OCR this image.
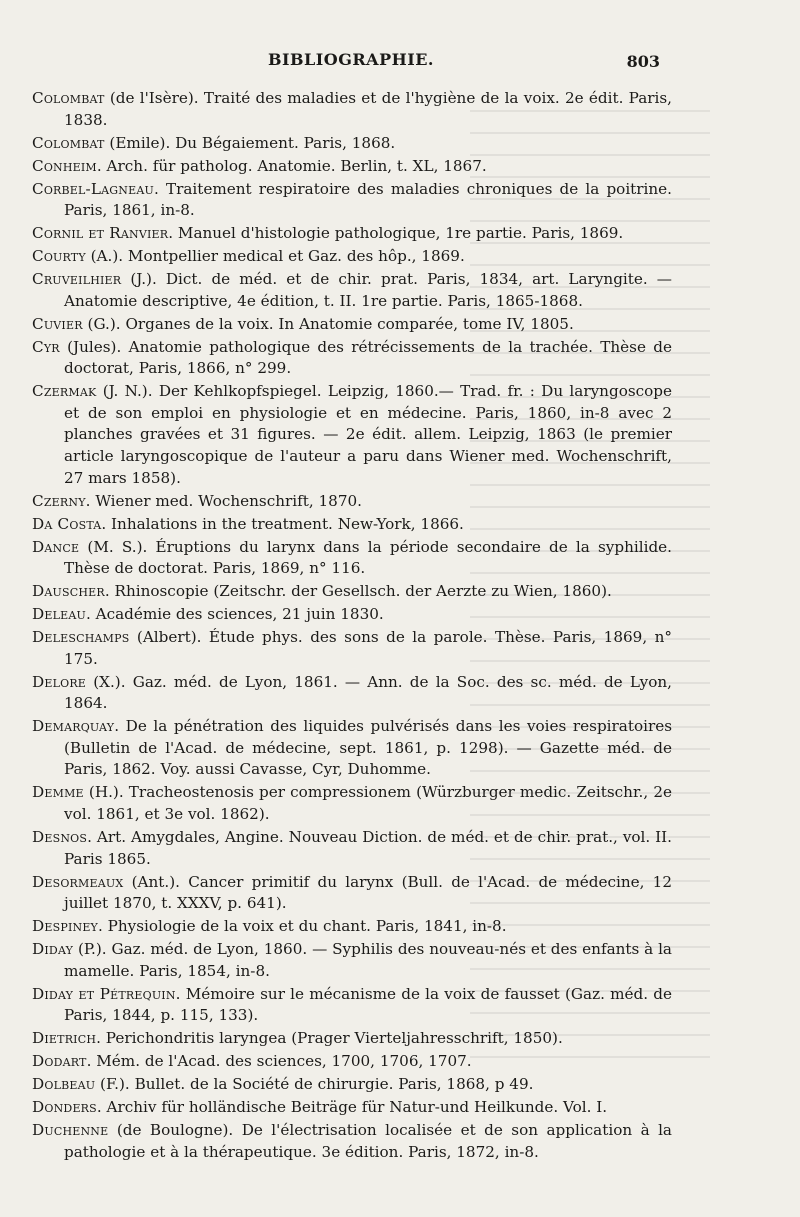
BIBLIOGRAPHIE.	803

Colombat (de l'Isère). Traité des maladies et de l'hygiène de la voix. 2e édit. Paris, 1838.

Colombat (Emile). Du Bégaiement. Paris, 1868.

Conheim. Arch. für patholog. Anatomie. Berlin, t. XL, 1867.

Corbel-Lagneau. Traitement respiratoire des maladies chroniques de la poitrine. Paris, 1861, in-8.

Cornil et Ranvier. Manuel d'histologie pathologique, 1re partie. Paris, 1869.

Courty (A.). Montpellier medical et Gaz. des hôp., 1869.

Cruveilhier (J.). Dict. de méd. et de chir. prat. Paris, 1834, art. Laryngite. — Anatomie descriptive, 4e édition, t. II. 1re partie. Paris, 1865-1868.

Cuvier (G.). Organes de la voix. In Anatomie comparée, tome IV, 1805.

Cyr (Jules). Anatomie pathologique des rétrécissements de la trachée. Thèse de doctorat, Paris, 1866, n° 299.

Czermak (J. N.). Der Kehlkopfspiegel. Leipzig, 1860.— Trad. fr. : Du laryngoscope et de son emploi en physiologie et en médecine. Paris, 1860, in-8 avec 2 planches gravées et 31 figures. — 2e édit. allem. Leipzig, 1863 (le premier article laryngoscopique de l'auteur a paru dans Wiener med. Wochenschrift, 27 mars 1858).

Czerny. Wiener med. Wochenschrift, 1870.

Da Costa. Inhalations in the treatment. New-York, 1866.

Dance (M. S.). Éruptions du larynx dans la période secondaire de la syphilide. Thèse de doctorat. Paris, 1869, n° 116.

Dauscher. Rhinoscopie (Zeitschr. der Gesellsch. der Aerzte zu Wien, 1860).

Deleau. Académie des sciences, 21 juin 1830.

Deleschamps (Albert). Étude phys. des sons de la parole. Thèse. Paris, 1869, n° 175.

Delore (X.). Gaz. méd. de Lyon, 1861. — Ann. de la Soc. des sc. méd. de Lyon, 1864.

Demarquay. De la pénétration des liquides pulvérisés dans les voies respiratoires (Bulletin de l'Acad. de médecine, sept. 1861, p. 1298). — Gazette méd. de Paris, 1862. Voy. aussi Cavasse, Cyr, Duhomme.

Demme (H.). Tracheostenosis per compressionem (Würzburger medic. Zeitschr., 2e vol. 1861, et 3e vol. 1862).

Desnos. Art. Amygdales, Angine. Nouveau Diction. de méd. et de chir. prat., vol. II. Paris 1865.

Desormeaux (Ant.). Cancer primitif du larynx (Bull. de l'Acad. de médecine, 12 juillet 1870, t. XXXV, p. 641).

Despiney. Physiologie de la voix et du chant. Paris, 1841, in-8.

Diday (P.). Gaz. méd. de Lyon, 1860. — Syphilis des nouveau-nés et des enfants à la mamelle. Paris, 1854, in-8.

Diday et Pétrequin. Mémoire sur le mécanisme de la voix de fausset (Gaz. méd. de Paris, 1844, p. 115, 133).

Dietrich. Perichondritis laryngea (Prager Vierteljahresschrift, 1850).

Dodart. Mém. de l'Acad. des sciences, 1700, 1706, 1707.

Dolbeau (F.). Bullet. de la Société de chirurgie. Paris, 1868, p 49.

Donders. Archiv für holländische Beiträge für Natur-und Heilkunde. Vol. I.

Duchenne (de Boulogne). De l'électrisation localisée et de son application à la pathologie et à la thérapeutique. 3e édition. Paris, 1872, in-8.
